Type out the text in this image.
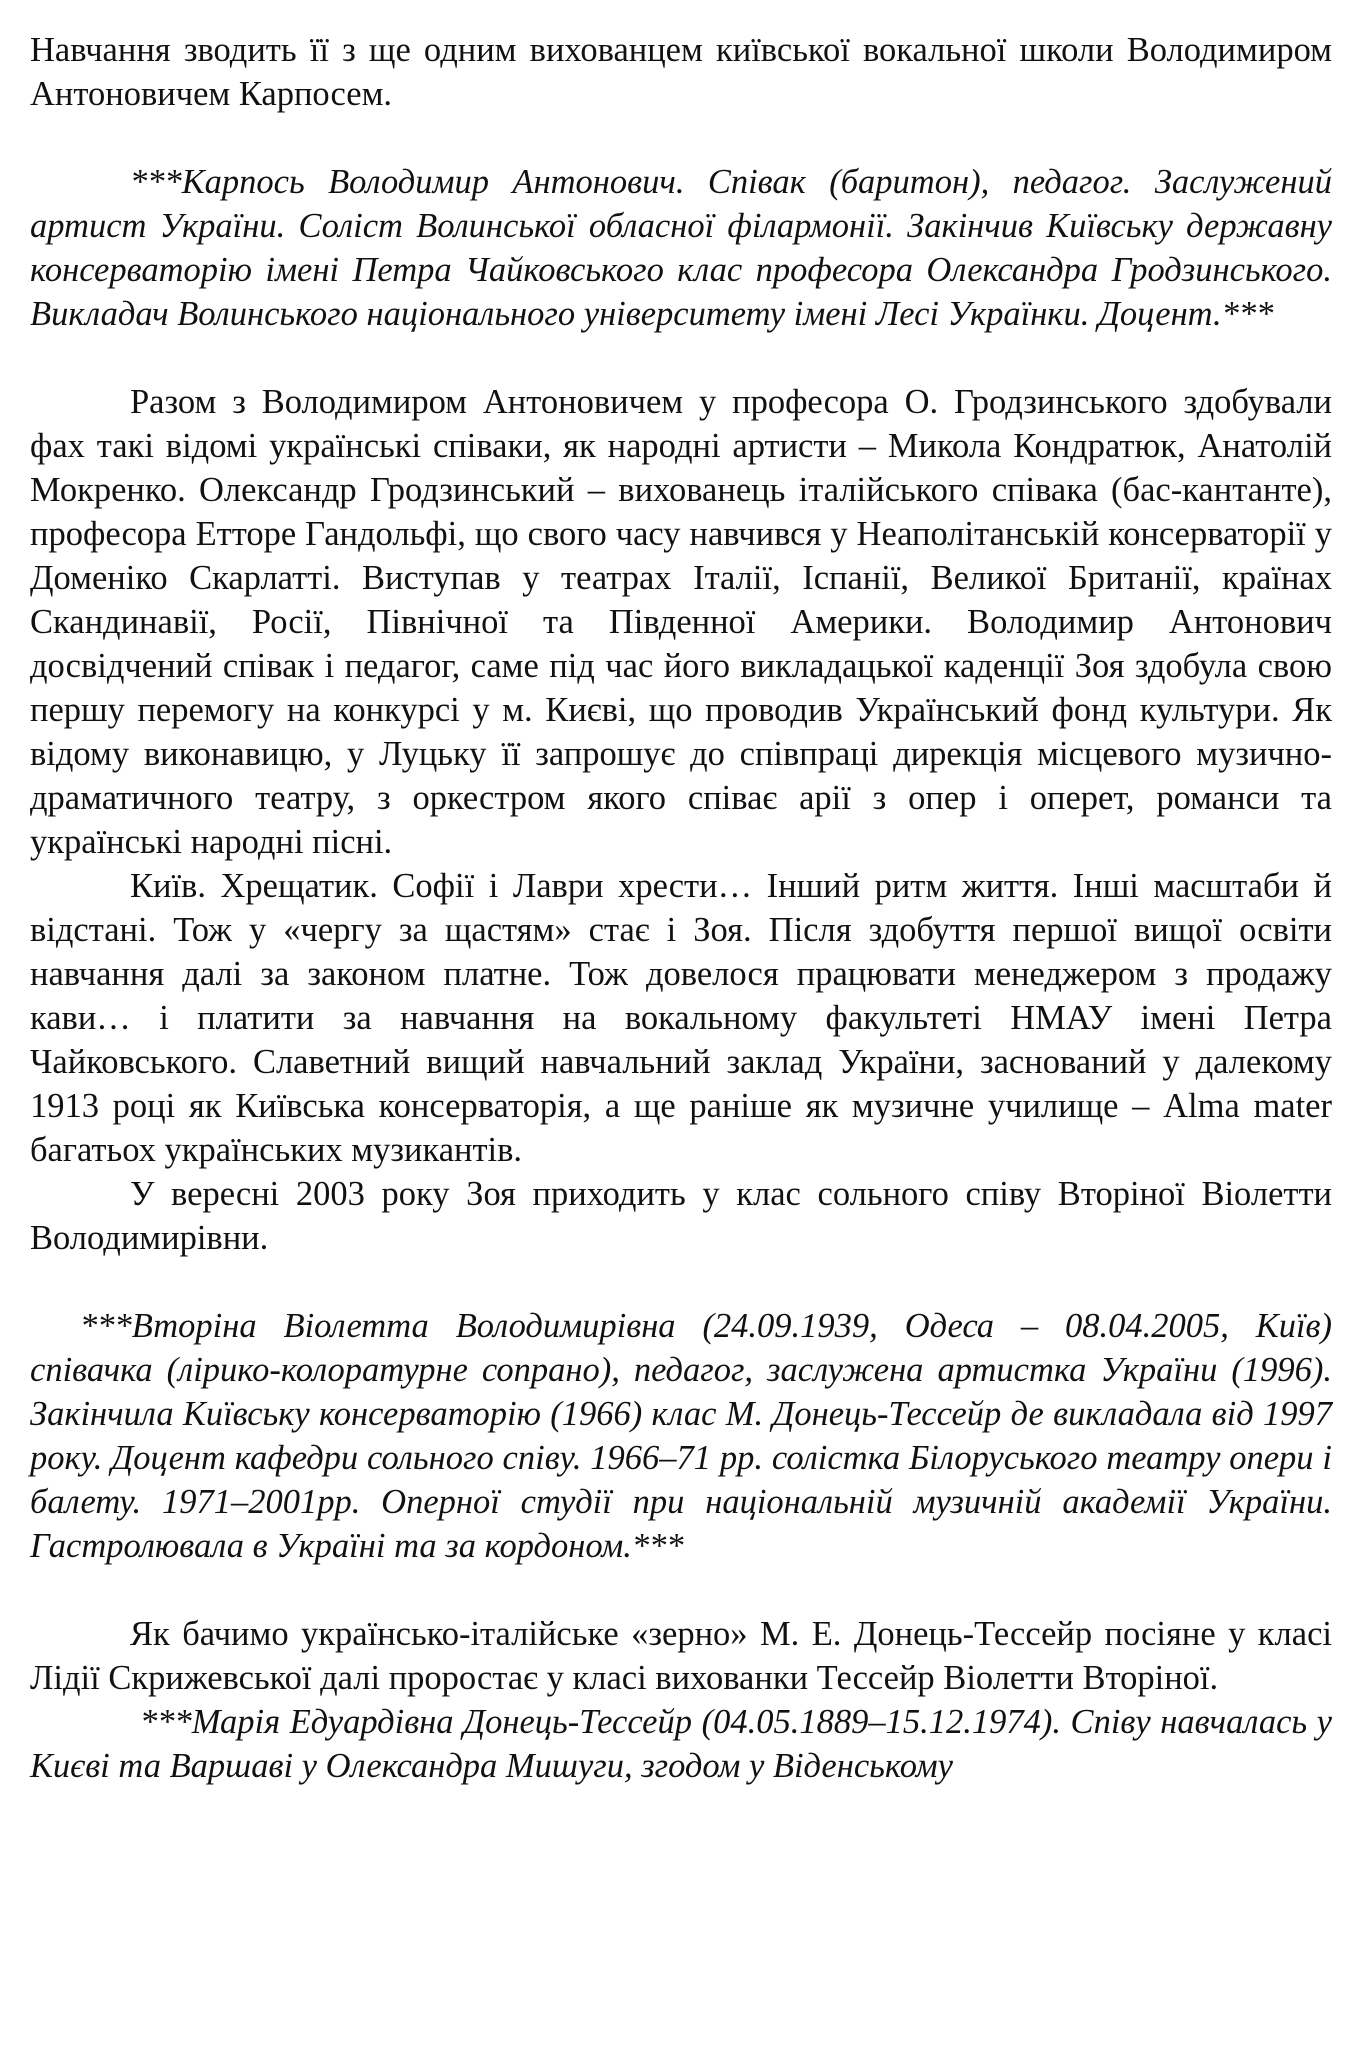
Навчання зводить її з ще одним вихованцем київської вокальної школи Володимиром Антоновичем Карпосем.

***Карпось Володимир Антонович. Співак (баритон), педагог. Заслужений артист України. Соліст Волинської обласної філармонії. Закінчив Київську державну консерваторію імені Петра Чайковського клас професора Олександра Гродзинського. Викладач Волинського національного університету імені Лесі Українки. Доцент.***

Разом з Володимиром Антоновичем у професора О. Гродзинського здобували фах такі відомі українські співаки, як народні артисти – Микола Кондратюк, Анатолій Мокренко. Олександр Гродзинський – вихованець італійського співака (бас-кантанте), професора Етторе Гандольфі, що свого часу навчився у Неаполітанській консерваторії у Доменіко Скарлатті. Виступав у театрах Італії, Іспанії, Великої Британії, країнах Скандинавії, Росії, Північної та Південної Америки. Володимир Антонович досвідчений співак і педагог, саме під час його викладацької каденції Зоя здобула свою першу перемогу на конкурсі у м. Києві, що проводив Український фонд культури. Як відому виконавицю, у Луцьку її запрошує до співпраці дирекція місцевого музично-драматичного театру, з оркестром якого співає арії з опер і оперет, романси та українські народні пісні.

Київ. Хрещатик. Софії і Лаври хрести… Інший ритм життя. Інші масштаби й відстані. Тож у «чергу за щастям» стає і Зоя. Після здобуття першої вищої освіти навчання далі за законом платне. Тож довелося працювати менеджером з продажу кави… і платити за навчання на вокальному факультеті НМАУ імені Петра Чайковського. Славетний вищий навчальний заклад України, заснований у далекому 1913 році як Київська консерваторія, а ще раніше як музичне училище – Alma mater багатьох українських музикантів.

У вересні 2003 року Зоя приходить у клас сольного співу Вторіної Віолетти Володимирівни.

***Вторіна Віолетта Володимирівна (24.09.1939, Одеса – 08.04.2005, Київ) співачка (лірико-колоратурне сопрано), педагог, заслужена артистка України (1996). Закінчила Київську консерваторію (1966) клас М. Донець-Тессейр де викладала від 1997 року. Доцент кафедри сольного співу. 1966–71 рр. солістка Білоруського театру опери і балету. 1971–2001рр. Оперної студії при національній музичній академії України. Гастролювала в Україні та за кордоном.***

Як бачимо українсько-італійське «зерно» М. Е. Донець-Тессейр посіяне у класі Лідії Скрижевської далі проростає у класі вихованки Тессейр Віолетти Вторіної.

***Марія Едуардівна Донець-Тессейр (04.05.1889–15.12.1974). Співу навчалась у Києві та Варшаві у Олександра Мишуги, згодом у Віденському
